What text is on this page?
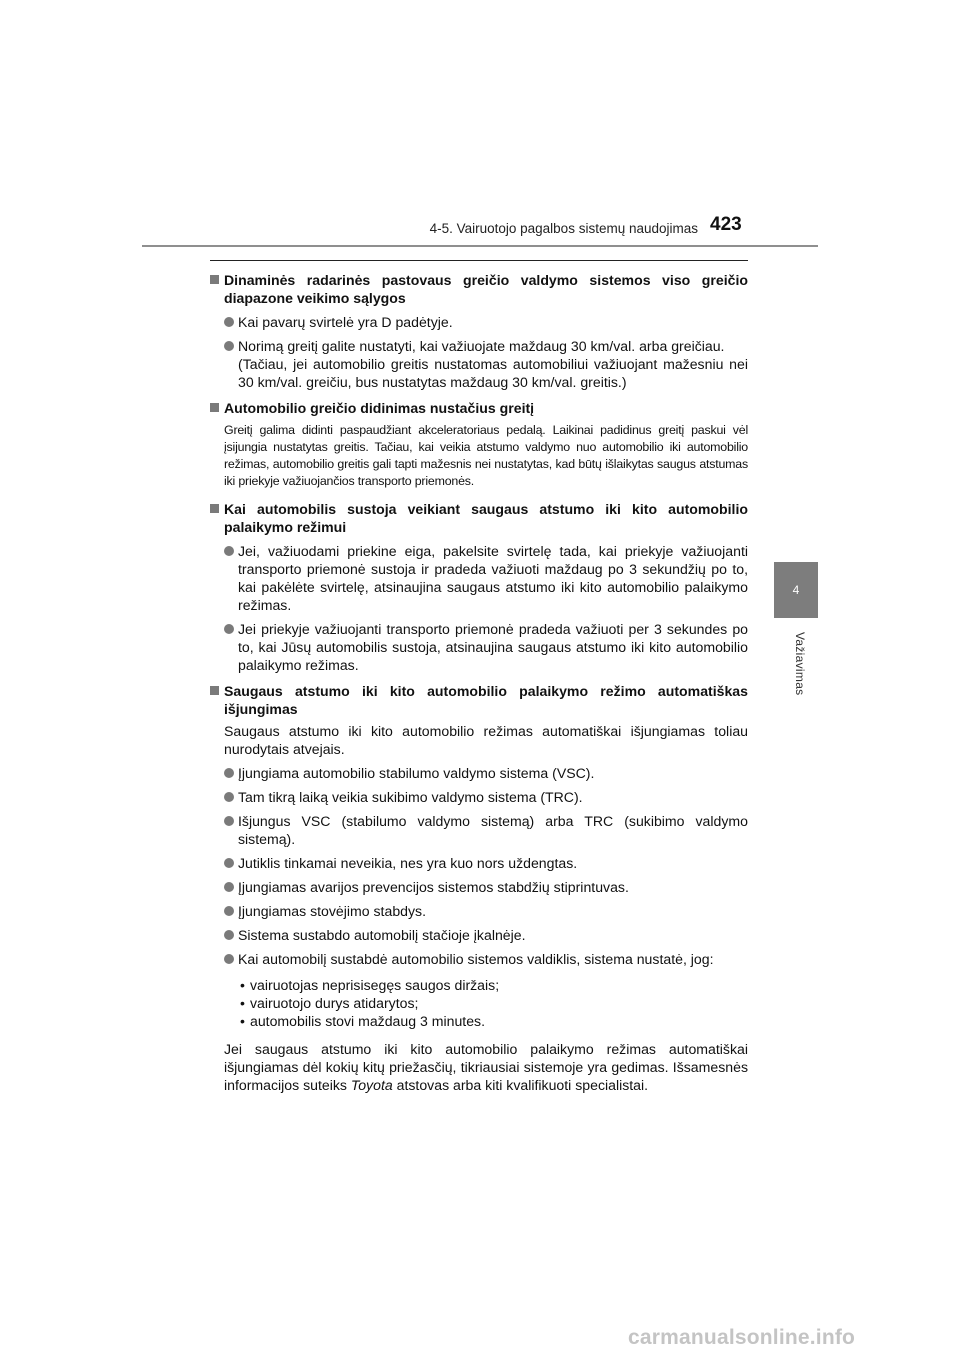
4-5. Vairuotojo pagalbos sistemų naudojimas 423
4
Važiavimas
Dinaminės radarinės pastovaus greičio valdymo sistemos viso greičio diapazone veikimo sąlygos
Kai pavarų svirtelė yra D padėtyje.
Norimą greitį galite nustatyti, kai važiuojate maždaug 30 km/val. arba greičiau.
(Tačiau, jei automobilio greitis nustatomas automobiliui važiuojant mažesniu nei 30 km/val. greičiu, bus nustatytas maždaug 30 km/val. greitis.)
Automobilio greičio didinimas nustačius greitį
Greitį galima didinti paspaudžiant akceleratoriaus pedalą. Laikinai padidinus greitį paskui vėl įsijungia nustatytas greitis. Tačiau, kai veikia atstumo valdymo nuo automobilio iki automobilio režimas, automobilio greitis gali tapti mažesnis nei nustatytas, kad būtų išlaikytas saugus atstumas iki priekyje važiuojančios transporto priemonės.
Kai automobilis sustoja veikiant saugaus atstumo iki kito automobilio palaikymo režimui
Jei, važiuodami priekine eiga, pakelsite svirtelę tada, kai priekyje važiuojanti transporto priemonė sustoja ir pradeda važiuoti maždaug po 3 sekundžių po to, kai pakėlėte svirtelę, atsinaujina saugaus atstumo iki kito automobilio palaikymo režimas.
Jei priekyje važiuojanti transporto priemonė pradeda važiuoti per 3 sekundes po to, kai Jūsų automobilis sustoja, atsinaujina saugaus atstumo iki kito automobilio palaikymo režimas.
Saugaus atstumo iki kito automobilio palaikymo režimo automatiškas išjungimas
Saugaus atstumo iki kito automobilio režimas automatiškai išjungiamas toliau nurodytais atvejais.
Įjungiama automobilio stabilumo valdymo sistema (VSC).
Tam tikrą laiką veikia sukibimo valdymo sistema (TRC).
Išjungus VSC (stabilumo valdymo sistemą) arba TRC (sukibimo valdymo sistemą).
Jutiklis tinkamai neveikia, nes yra kuo nors uždengtas.
Įjungiamas avarijos prevencijos sistemos stabdžių stiprintuvas.
Įjungiamas stovėjimo stabdys.
Sistema sustabdo automobilį stačioje įkalnėje.
Kai automobilį sustabdė automobilio sistemos valdiklis, sistema nustatė, jog:
• vairuotojas neprisisegęs saugos diržais;
• vairuotojo durys atidarytos;
• automobilis stovi maždaug 3 minutes.
Jei saugaus atstumo iki kito automobilio palaikymo režimas automatiškai išjungiamas dėl kokių kitų priežasčių, tikriausiai sistemoje yra gedimas. Išsamesnės informacijos suteiks Toyota atstovas arba kiti kvalifikuoti specialistai.
carmanualsonline.info
